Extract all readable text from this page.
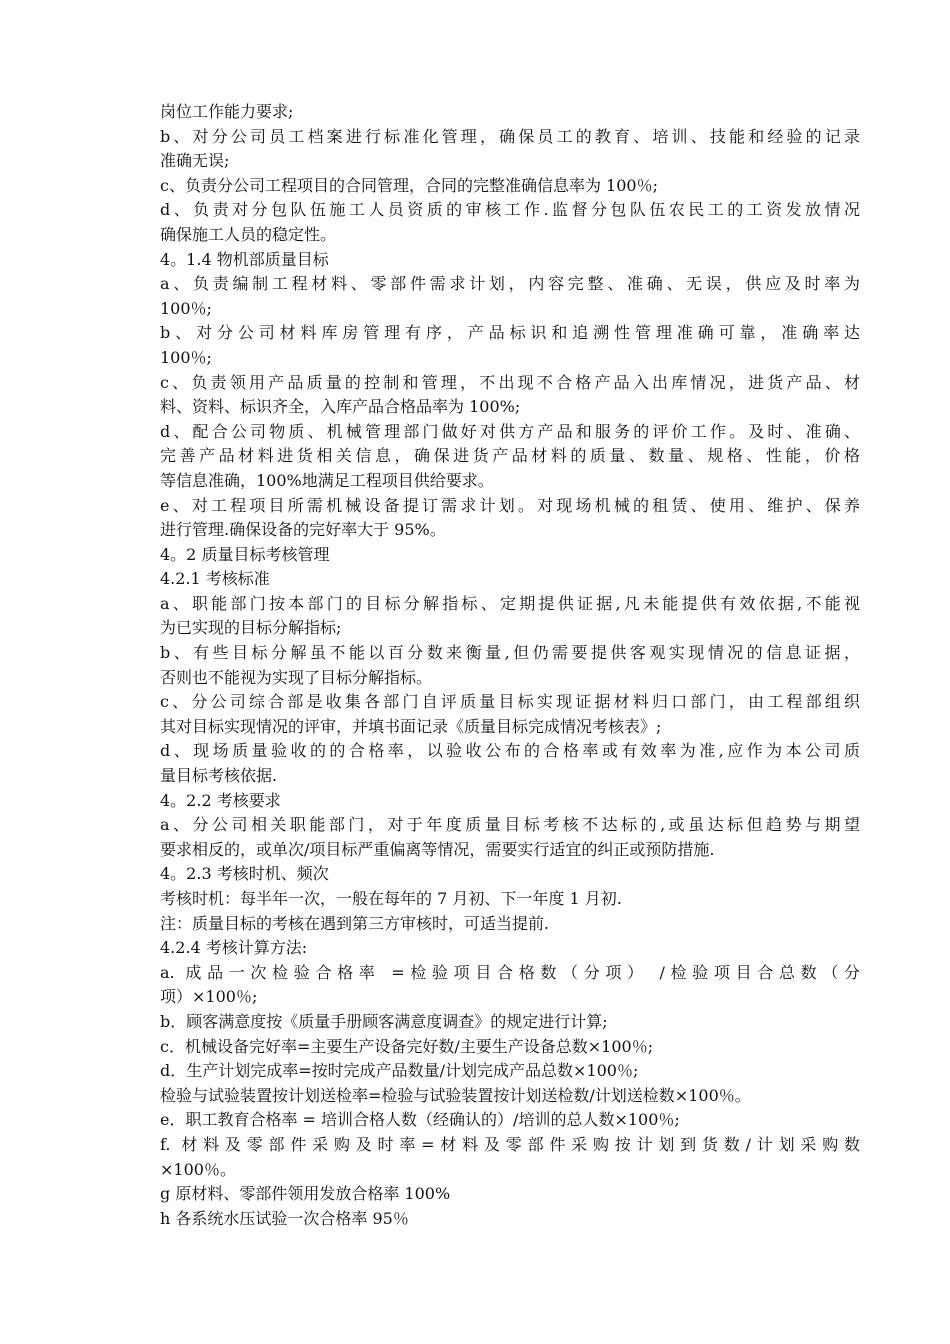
岗位工作能力要求;
b、对分公司员工档案进行标准化管理，确保员工的教育、培训、技能和经验的记录
准确无误;
c、负责分公司工程项目的合同管理，合同的完整准确信息率为 100％;
d、负责对分包队伍施工人员资质的审核工作.监督分包队伍农民工的工资发放情况
确保施工人员的稳定性。
4。1.4 物机部质量目标
a、负责编制工程材料、零部件需求计划，内容完整、准确、无误，供应及时率为
100％;
b、对分公司材料库房管理有序，产品标识和追溯性管理准确可靠，准确率达
100％;
c、负责领用产品质量的控制和管理，不出现不合格产品入出库情况，进货产品、材
料、资料、标识齐全，入库产品合格品率为 100%;
d、配合公司物质、机械管理部门做好对供方产品和服务的评价工作。及时、准确、
完善产品材料进货相关信息，确保进货产品材料的质量、数量、规格、性能，价格
等信息准确，100%地满足工程项目供给要求。
e、对工程项目所需机械设备提订需求计划。对现场机械的租赁、使用、维护、保养
进行管理.确保设备的完好率大于 95%。
4。2 质量目标考核管理
4.2.1 考核标准
a、职能部门按本部门的目标分解指标、定期提供证据,凡未能提供有效依据,不能视
为已实现的目标分解指标;
b、有些目标分解虽不能以百分数来衡量,但仍需要提供客观实现情况的信息证据，
否则也不能视为实现了目标分解指标。
c、分公司综合部是收集各部门自评质量目标实现证据材料归口部门，由工程部组织
其对目标实现情况的评审，并填书面记录《质量目标完成情况考核表》;
d、现场质量验收的的合格率，以验收公布的合格率或有效率为准,应作为本公司质
量目标考核依据.
4。2.2 考核要求
a、分公司相关职能部门，对于年度质量目标考核不达标的,或虽达标但趋势与期望
要求相反的，或单次/项目标严重偏离等情况，需要实行适宜的纠正或预防措施.
4。2.3 考核时机、频次
考核时机：每半年一次，一般在每年的 7 月初、下一年度 1 月初.
注：质量目标的考核在遇到第三方审核时，可适当提前.
4.2.4 考核计算方法:
a. 成品一次检验合格率 =检验项目合格数（分项） /检验项目合总数（分
项）×100％;
b．顾客满意度按《质量手册顾客满意度调查》的规定进行计算;
c．机械设备完好率=主要生产设备完好数/主要生产设备总数×100％;
d．生产计划完成率=按时完成产品数量/计划完成产品总数×100％;
检验与试验装置按计划送检率=检验与试验装置按计划送检数/计划送检数×100％。
e．职工教育合格率 = 培训合格人数（经确认的）/培训的总人数×100％;
f. 材料及零部件采购及时率=材料及零部件采购按计划到货数/计划采购数
×100％。
g 原材料、零部件领用发放合格率 100%
h 各系统水压试验一次合格率 95％
